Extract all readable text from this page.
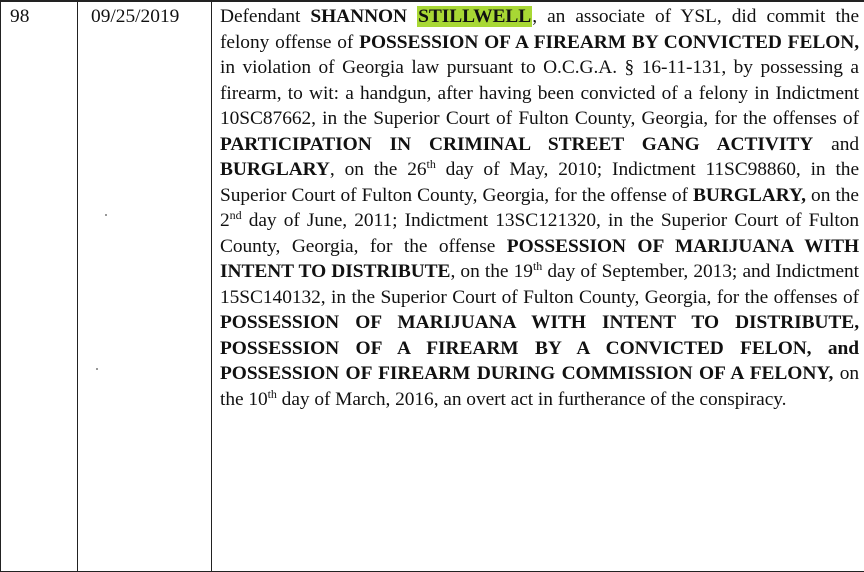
98	09/25/2019	Defendant SHANNON STILLWELL, an associate of YSL, did commit the felony offense of POSSESSION OF A FIREARM BY CONVICTED FELON, in violation of Georgia law pursuant to O.C.G.A. § 16-11-131, by possessing a firearm, to wit: a handgun, after having been convicted of a felony in Indictment 10SC87662, in the Superior Court of Fulton County, Georgia, for the offenses of PARTICIPATION IN CRIMINAL STREET GANG ACTIVITY and BURGLARY, on the 26th day of May, 2010; Indictment 11SC98860, in the Superior Court of Fulton County, Georgia, for the offense of BURGLARY, on the 2nd day of June, 2011; Indictment 13SC121320, in the Superior Court of Fulton County, Georgia, for the offense POSSESSION OF MARIJUANA WITH INTENT TO DISTRIBUTE, on the 19th day of September, 2013; and Indictment 15SC140132, in the Superior Court of Fulton County, Georgia, for the offenses of POSSESSION OF MARIJUANA WITH INTENT TO DISTRIBUTE, POSSESSION OF A FIREARM BY A CONVICTED FELON, and POSSESSION OF FIREARM DURING COMMISSION OF A FELONY, on the 10th day of March, 2016, an overt act in furtherance of the conspiracy.
